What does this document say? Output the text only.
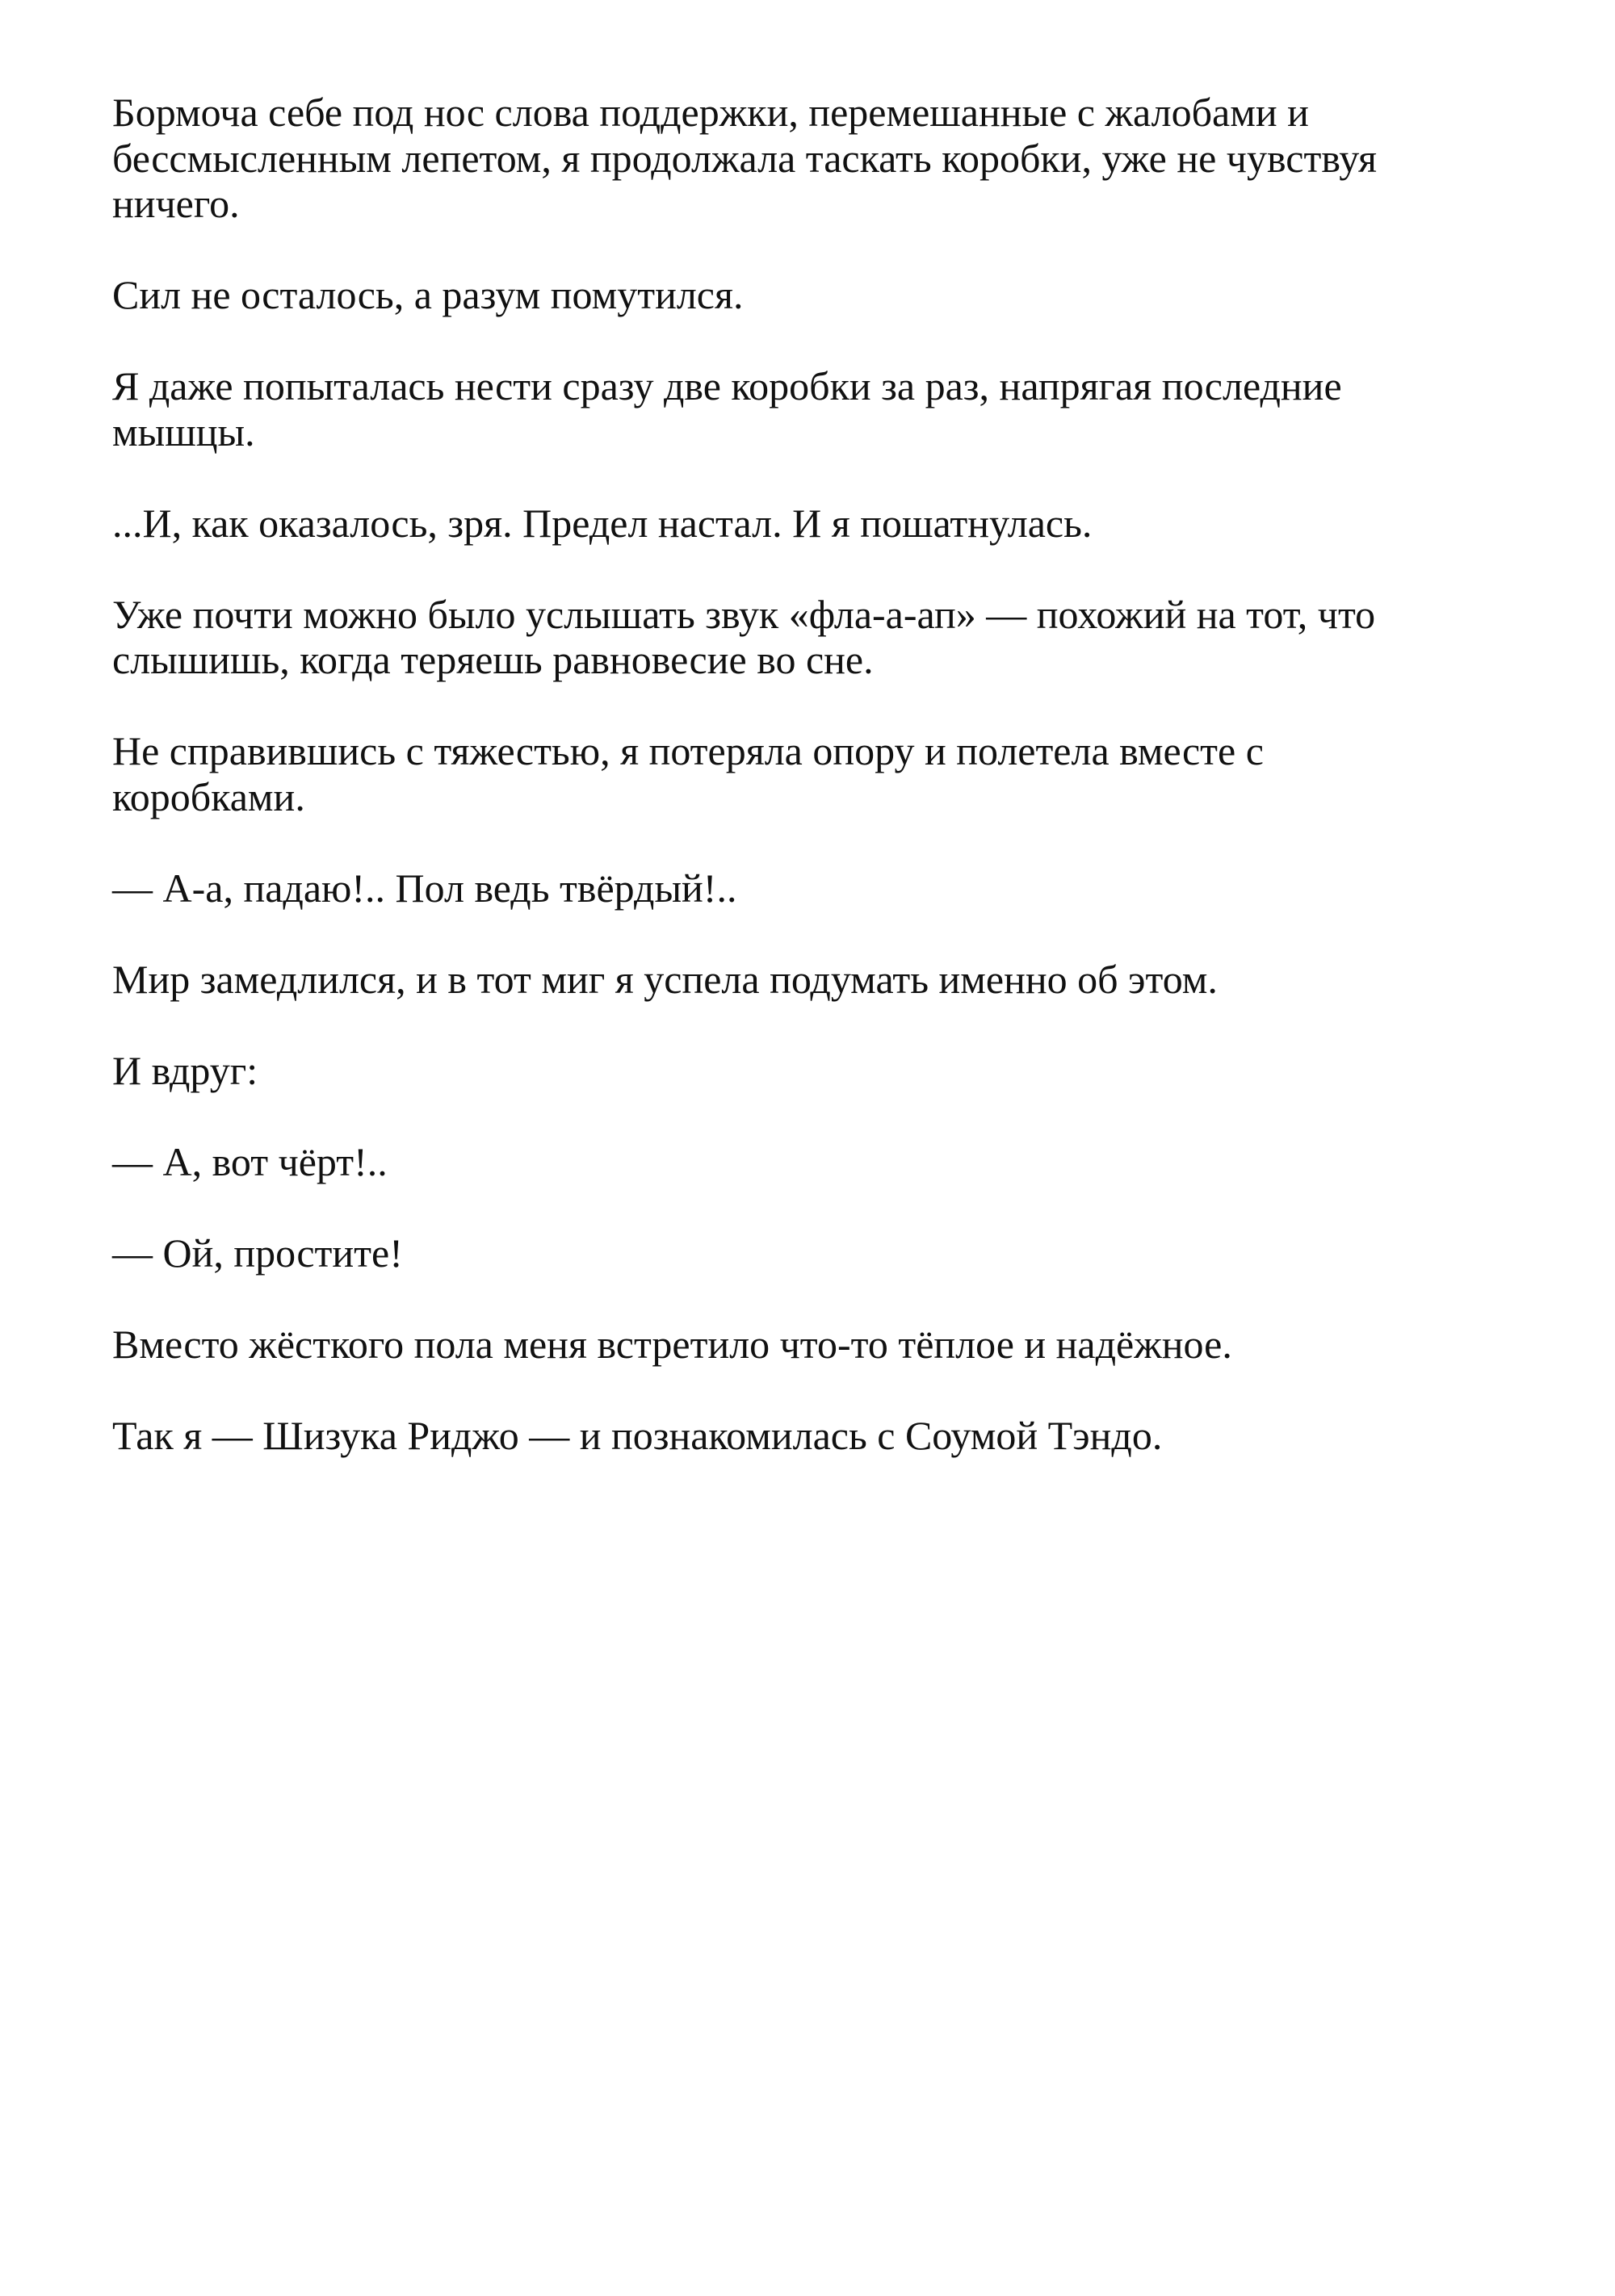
Бормоча себе под нос слова поддержки, перемешанные с жалобами и
бессмысленным лепетом, я продолжала таскать коробки, уже не чувствуя
ничего.

Сил не осталось, а разум помутился.

Я даже попыталась нести сразу две коробки за раз, напрягая последние
мышцы.

...И, как оказалось, зря. Предел настал. И я пошатнулась.

Уже почти можно было услышать звук «фла-а-ап» — похожий на тот, что
слышишь, когда теряешь равновесие во сне.

Не справившись с тяжестью, я потеряла опору и полетела вместе с
коробками.

— А-а, падаю!.. Пол ведь твёрдый!..

Мир замедлился, и в тот миг я успела подумать именно об этом.

И вдруг:

— А, вот чёрт!..

— Ой, простите!

Вместо жёсткого пола меня встретило что-то тёплое и надёжное.

Так я — Шизука Риджо — и познакомилась с Соумой Тэндо.
